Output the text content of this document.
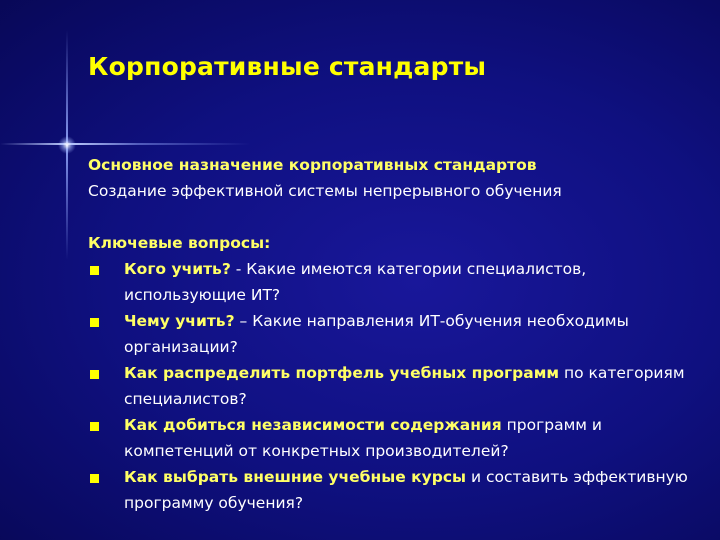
Корпоративные стандарты

Основное назначение корпоративных стандартов

Создание эффективной системы непрерывного обучения

Ключевые вопросы:

Кого учить? - Какие имеются категории специалистов, использующие ИТ?
Чему учить? – Какие направления ИТ-обучения необходимы организации?
Как распределить портфель учебных программ по категориям специалистов?
Как добиться независимости содержания программ и компетенций от конкретных производителей?
Как выбрать внешние учебные курсы и составить эффективную программу обучения?
